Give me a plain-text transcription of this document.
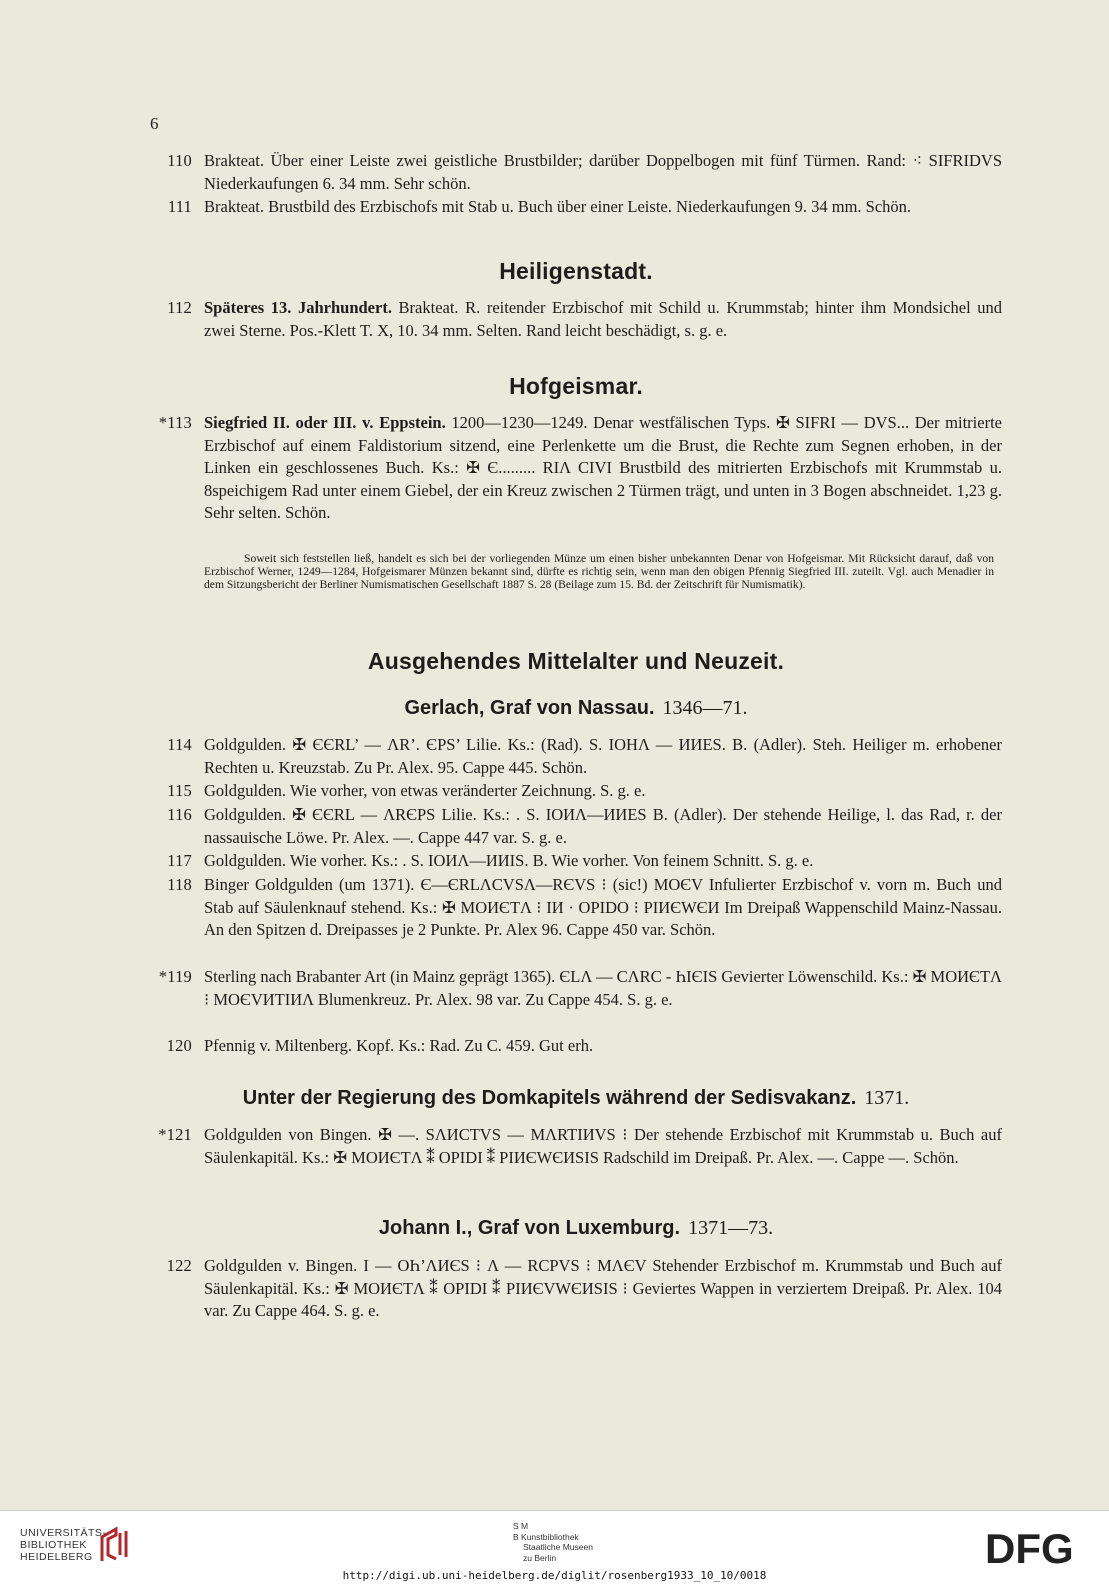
6
110 Brakteat. Über einer Leiste zwei geistliche Brustbilder; darüber Doppelbogen mit fünf Türmen. Rand: ⁖ SIFRIDVS Niederkaufungen 6. 34 mm. Sehr schön.
111 Brakteat. Brustbild des Erzbischofs mit Stab u. Buch über einer Leiste. Niederkaufungen 9. 34 mm. Schön.
Heiligenstadt.
112 Späteres 13. Jahrhundert. Brakteat. R. reitender Erzbischof mit Schild u. Krummstab; hinter ihm Mondsichel und zwei Sterne. Pos.-Klett T. X, 10. 34 mm. Selten. Rand leicht beschädigt, s. g. e.
Hofgeismar.
*113 Siegfried II. oder III. v. Eppstein. 1200—1230—1249. Denar westfälischen Typs. ✠ SIFRI — DVS... Der mitrierte Erzbischof auf einem Faldistorium sitzend, eine Perlenkette um die Brust, die Rechte zum Segnen erhoben, in der Linken ein geschlossenes Buch. Ks.: ✠ Є......... RIΛ ϹIVI Brustbild des mitrierten Erzbischofs mit Krummstab u. 8speichigem Rad unter einem Giebel, der ein Kreuz zwischen 2 Türmen trägt, und unten in 3 Bogen abschneidet. 1,23 g. Sehr selten. Schön.
Soweit sich feststellen ließ, handelt es sich bei der vorliegenden Münze um einen bisher unbekannten Denar von Hofgeismar. Mit Rücksicht darauf, daß von Erzbischof Werner, 1249—1284, Hofgeismarer Münzen bekannt sind, dürfte es richtig sein, wenn man den obigen Pfennig Siegfried III. zuteilt. Vgl. auch Menadier in dem Sitzungsbericht der Berliner Numismatischen Gesellschaft 1887 S. 28 (Beilage zum 15. Bd. der Zeitschrift für Numismatik).
Ausgehendes Mittelalter und Neuzeit.
Gerlach, Graf von Nassau. 1346—71.
114 Goldgulden. ✠ ЄЄRL’ — ΛR’. ЄPS’ Lilie. Ks.: (Rad). S. IOHΛ — ИИES. B. (Adler). Steh. Heiliger m. erhobener Rechten u. Kreuzstab. Zu Pr. Alex. 95. Cappe 445. Schön.
115 Goldgulden. Wie vorher, von etwas veränderter Zeichnung. S. g. e.
116 Goldgulden. ✠ ЄЄRL — ΛRЄPS Lilie. Ks.: . S. IOИΛ—ИИES B. (Adler). Der stehende Heilige, l. das Rad, r. der nassauische Löwe. Pr. Alex. —. Cappe 447 var. S. g. e.
117 Goldgulden. Wie vorher. Ks.: . S. IOИΛ—ИИIS. B. Wie vorher. Von feinem Schnitt. S. g. e.
118 Binger Goldgulden (um 1371). Є—ЄRLΛϹVSΛ—RЄVS ⁝ (sic!) MOЄV Infulierter Erzbischof v. vorn m. Buch und Stab auf Säulenknauf stehend. Ks.: ✠ MOИЄTΛ ⁝ IИ · OPIDO ⁝ PIИЄWЄИ Im Dreipaß Wappenschild Mainz-Nassau. An den Spitzen d. Dreipasses je 2 Punkte. Pr. Alex 96. Cappe 450 var. Schön.
*119 Sterling nach Brabanter Art (in Mainz geprägt 1365). ЄLΛ — ϹΛRϹ - ҺIЄIS Gevierter Löwenschild. Ks.: ✠ MOИЄTΛ ⁝ MOЄVИTIИΛ Blumenkreuz. Pr. Alex. 98 var. Zu Cappe 454. S. g. e.
120 Pfennig v. Miltenberg. Kopf. Ks.: Rad. Zu C. 459. Gut erh.
Unter der Regierung des Domkapitels während der Sedisvakanz. 1371.
*121 Goldgulden von Bingen. ✠ —. SΛИϹTVS — MΛRTIИVS ⁝ Der stehende Erzbischof mit Krummstab u. Buch auf Säulenkapitäl. Ks.: ✠ MOИЄTΛ ⁑ OPIDI ⁑ PIИЄWЄИSIS Radschild im Dreipaß. Pr. Alex. —. Cappe —. Schön.
Johann I., Graf von Luxemburg. 1371—73.
122 Goldgulden v. Bingen. I — OҺ’ΛИЄS ⁝ Λ — RϹPVS ⁝ MΛЄV Stehender Erzbischof m. Krummstab und Buch auf Säulenkapitäl. Ks.: ✠ MOИЄTΛ ⁑ OPIDI ⁑ PIИЄVWЄИSIS ⁝ Geviertes Wappen in verziertem Dreipaß. Pr. Alex. 104 var. Zu Cappe 464. S. g. e.
UNIVERSITÄTS-
BIBLIOTHEK
HEIDELBERG
S M
B Kunstbibliothek
Staatliche Museen
zu Berlin	DFG
http://digi.ub.uni-heidelberg.de/diglit/rosenberg1933_10_10/0018
